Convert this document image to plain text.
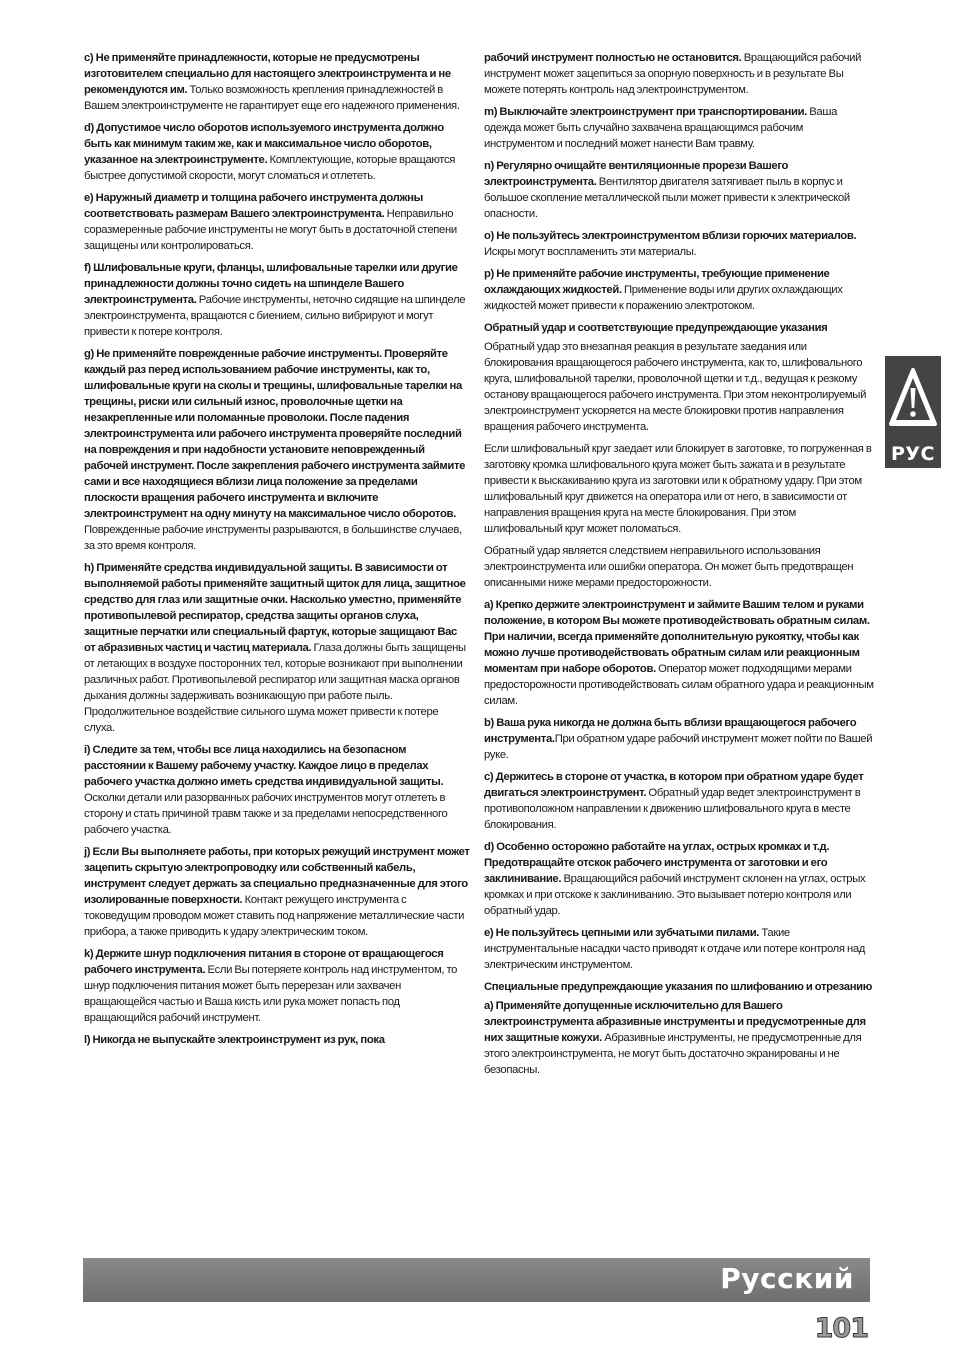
c) Не применяйте принадлежности, которые не предусмотрены изготовителем специально для настоящего электроинструмента и не рекомендуются им. Только возможность крепления принадлежностей в Вашем электроинструменте не гарантирует еще его надежного применения.
d) Допустимое число оборотов используемого инструмента должно быть как минимум таким же, как и максимальное число оборотов, указанное на электроинструменте. Комплектующие, которые вращаются быстрее допустимой скорости, могут сломаться и отлететь.
e) Наружный диаметр и толщина рабочего инструмента должны соответствовать размерам Вашего электроинструмента. Неправильно соразмеренные рабочие инструменты не могут быть в достаточной степени защищены или контролироваться.
f) Шлифовальные круги, фланцы, шлифовальные тарелки или другие принадлежности должны точно сидеть на шпинделе Вашего электроинструмента. Рабочие инструменты, неточно сидящие на шпинделе электроинструмента, вращаются с биением, сильно вибрируют и могут привести к потере контроля.
g) Не применяйте поврежденные рабочие инструменты. Проверяйте каждый раз перед использованием рабочие инструменты, как то, шлифовальные круги на сколы и трещины, шлифовальные тарелки на трещины, риски или сильный износ, проволочные щетки на незакрепленные или поломанные проволоки. После падения электроинструмента или рабочего инструмента проверяйте последний на повреждения и при надобности установите неповрежденный рабочей инструмент. После закрепления рабочего инструмента займите сами и все находящиеся вблизи лица положение за пределами плоскости вращения рабочего инструмента и включите электроинструмент на одну минуту на максимальное число оборотов. Поврежденные рабочие инструменты разрываются, в большинстве случаев, за это время контроля.
h) Применяйте средства индивидуальной защиты. В зависимости от выполняемой работы применяйте защитный щиток для лица, защитное средство для глаз или защитные очки. Насколько уместно, применяйте противопылевой респиратор, средства защиты органов слуха, защитные перчатки или специальный фартук, которые защищают Вас от абразивных частиц и частиц материала. Глаза должны быть защищены от летающих в воздухе посторонних тел, которые возникают при выполнении различных работ. Противопылевой респиратор или защитная маска органов дыхания должны задерживать возникающую при работе пыль. Продолжительное воздействие сильного шума может привести к потере слуха.
i) Следите за тем, чтобы все лица находились на безопасном расстоянии к Вашему рабочему участку. Каждое лицо в пределах рабочего участка должно иметь средства индивидуальной защиты. Осколки детали или разорванных рабочих инструментов могут отлететь в сторону и стать причиной травм также и за пределами непосредственного рабочего участка.
j) Если Вы выполняете работы, при которых режущий инструмент может зацепить скрытую электропроводку или собственный кабель, инструмент следует держать за специально предназначенные для этого изолированные поверхности. Контакт режущего инструмента с токоведущим проводом может ставить под напряжение металлические части прибора, а также приводить к удару электрическим током.
k) Держите шнур подключения питания в стороне от вращающегося рабочего инструмента. Если Вы потеряете контроль над инструментом, то шнур подключения питания может быть перерезан или захвачен вращающейся частью и Ваша кисть или рука может попасть под вращающийся рабочий инструмент.
l) Никогда не выпускайте электроинструмент из рук, пока
рабочий инструмент полностью не остановится. Вращающийся рабочий инструмент может зацепиться за опорную поверхность и в результате Вы можете потерять контроль над электроинструментом.
m) Выключайте электроинструмент при транспортировании. Ваша одежда может быть случайно захвачена вращающимся рабочим инструментом и последний может нанести Вам травму.
n) Регулярно очищайте вентиляционные прорези Вашего электроинструмента. Вентилятор двигателя затягивает пыль в корпус и большое скопление металлической пыли может привести к электрической опасности.
o) Не пользуйтесь электроинструментом вблизи горючих материалов. Искры могут воспламенить эти материалы.
p) Не применяйте рабочие инструменты, требующие применение охлаждающих жидкостей. Применение воды или других охлаждающих жидкостей может привести к поражению электротоком.
Обратный удар и соответствующие предупреждающие указания
Обратный удар это внезапная реакция в результате заедания или блокирования вращающегося рабочего инструмента, как то, шлифовального круга, шлифовальной тарелки, проволочной щетки и т.д., ведущая к резкому останову вращающегося рабочего инструмента. При этом неконтролируемый электроинструмент ускоряется на месте блокировки против направления вращения рабочего инструмента.
Если шлифовальный круг заедает или блокирует в заготовке, то погруженная в заготовку кромка шлифовального круга может быть зажата и в результате привести к выскакиванию круга из заготовки или к обратному удару. При этом шлифовальный круг движется на оператора или от него, в зависимости от направления вращения круга на месте блокирования. При этом шлифовальный круг может поломаться.
Обратный удар является следствием неправильного использования электроинструмента или ошибки оператора. Он может быть предотвращен описанными ниже мерами предосторожности.
a) Крепко держите электроинструмент и займите Вашим телом и руками положение, в котором Вы можете противодействовать обратным силам. При наличии, всегда применяйте дополнительную рукоятку, чтобы как можно лучше противодействовать обратным силам или реакционным моментам при наборе оборотов. Оператор может подходящими мерами предосторожности противодействовать силам обратного удара и реакционным силам.
b) Ваша рука никогда не должна быть вблизи вращающегося рабочего инструмента.При обратном ударе рабочий инструмент может пойти по Вашей руке.
c) Держитесь в стороне от участка, в котором при обратном ударе будет двигаться электроинструмент. Обратный удар ведет электроинструмент в противоположном направлении к движению шлифовального круга в месте блокирования.
d) Особенно осторожно работайте на углах, острых кромках и т.д. Предотвращайте отскок рабочего инструмента от заготовки и его заклинивание. Вращающийся рабочий инструмент склонен на углах, острых кромках и при отскоке к заклиниванию. Это вызывает потерю контроля или обратный удар.
e) Не пользуйтесь цепными или зубчатыми пилами. Такие инструментальные насадки часто приводят к отдаче или потере контроля над электрическим инструментом.
Специальные предупреждающие указания по шлифованию и отрезанию
a) Применяйте допущенные исключительно для Вашего электроинструмента абразивные инструменты и предусмотренные для них защитные кожухи. Абразивные инструменты, не предусмотренные для этого электроинструмента, не могут быть достаточно экранированы и не безопасны.
РУС
Русский
101
